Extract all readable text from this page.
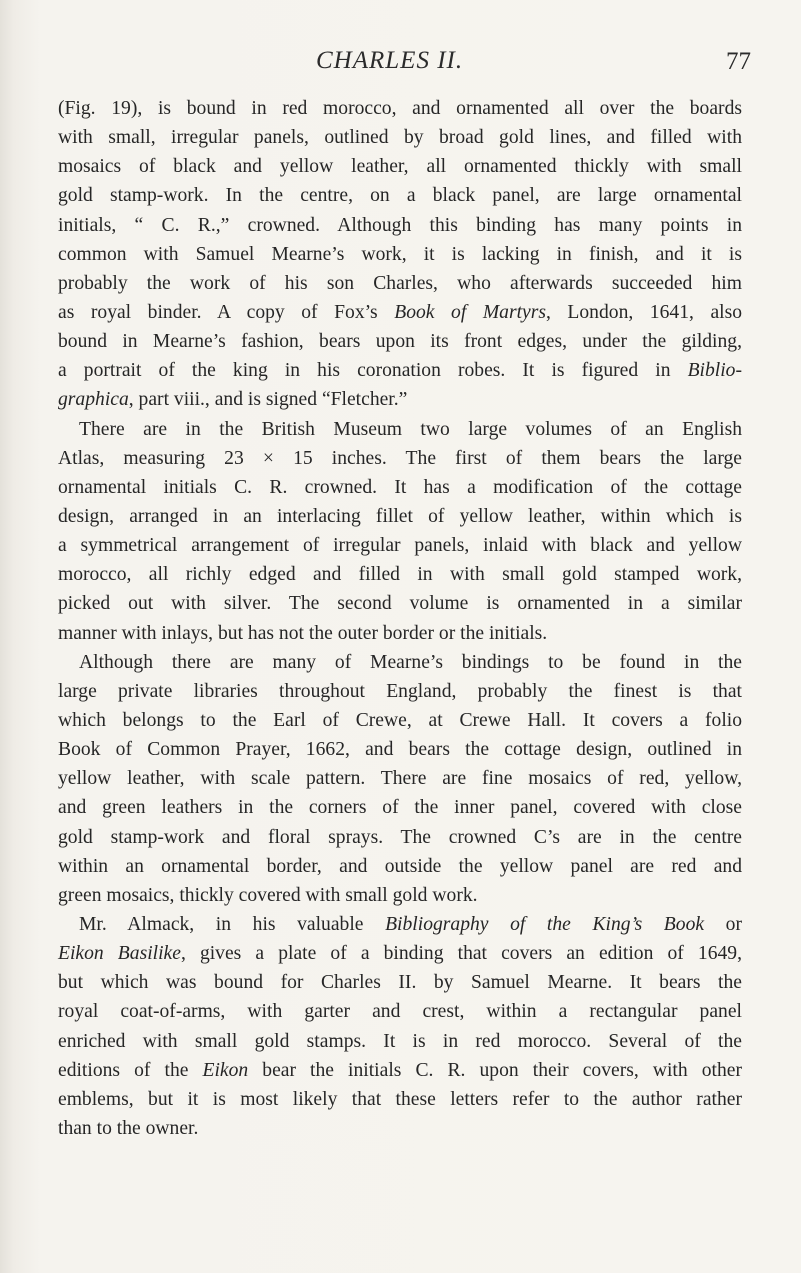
CHARLES II.	77
(Fig. 19), is bound in red morocco, and ornamented all over the boards
with small, irregular panels, outlined by broad gold lines, and filled with
mosaics of black and yellow leather, all ornamented thickly with small
gold stamp-work. In the centre, on a black panel, are large ornamental
initials, “ C. R.,” crowned. Although this binding has many points in
common with Samuel Mearne’s work, it is lacking in finish, and it is
probably the work of his son Charles, who afterwards succeeded him
as royal binder. A copy of Fox’s Book of Martyrs, London, 1641, also
bound in Mearne’s fashion, bears upon its front edges, under the gilding,
a portrait of the king in his coronation robes. It is figured in Biblio-
graphica, part viii., and is signed “Fletcher.”
There are in the British Museum two large volumes of an English
Atlas, measuring 23 × 15 inches. The first of them bears the large
ornamental initials C. R. crowned. It has a modification of the cottage
design, arranged in an interlacing fillet of yellow leather, within which is
a symmetrical arrangement of irregular panels, inlaid with black and yellow
morocco, all richly edged and filled in with small gold stamped work,
picked out with silver. The second volume is ornamented in a similar
manner with inlays, but has not the outer border or the initials.
Although there are many of Mearne’s bindings to be found in the
large private libraries throughout England, probably the finest is that
which belongs to the Earl of Crewe, at Crewe Hall. It covers a folio
Book of Common Prayer, 1662, and bears the cottage design, outlined in
yellow leather, with scale pattern. There are fine mosaics of red, yellow,
and green leathers in the corners of the inner panel, covered with close
gold stamp-work and floral sprays. The crowned C’s are in the centre
within an ornamental border, and outside the yellow panel are red and
green mosaics, thickly covered with small gold work.
Mr. Almack, in his valuable Bibliography of the King’s Book or
Eikon Basilike, gives a plate of a binding that covers an edition of 1649,
but which was bound for Charles II. by Samuel Mearne. It bears the
royal coat-of-arms, with garter and crest, within a rectangular panel
enriched with small gold stamps. It is in red morocco. Several of the
editions of the Eikon bear the initials C. R. upon their covers, with other
emblems, but it is most likely that these letters refer to the author rather
than to the owner.
